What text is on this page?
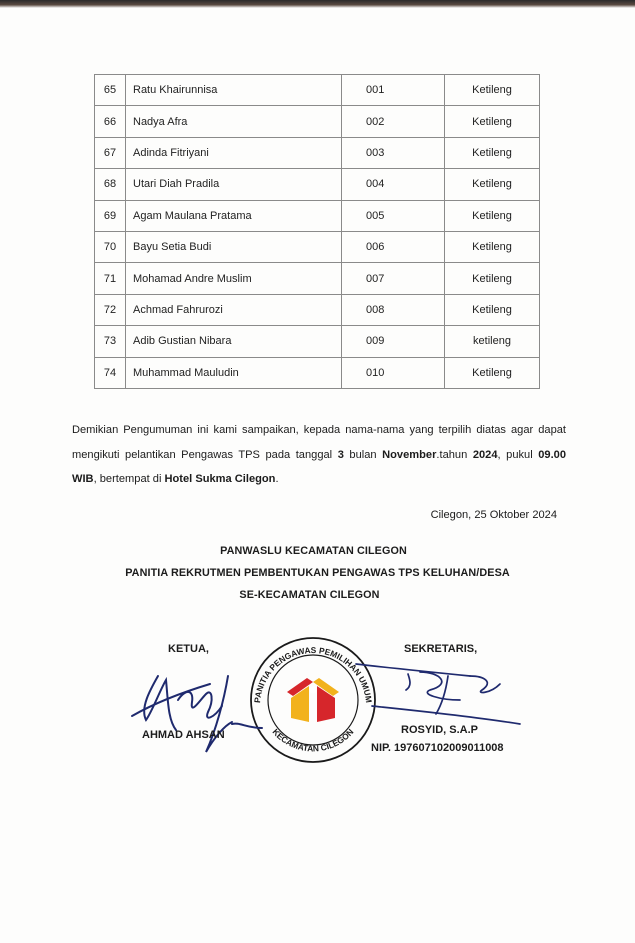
65	Ratu Khairunnisa	001	Ketileng
66	Nadya Afra	002	Ketileng
67	Adinda Fitriyani	003	Ketileng
68	Utari Diah Pradila	004	Ketileng
69	Agam Maulana Pratama	005	Ketileng
70	Bayu Setia Budi	006	Ketileng
71	Mohamad Andre Muslim	007	Ketileng
72	Achmad Fahrurozi	008	Ketileng
73	Adib Gustian Nibara	009	ketileng
74	Muhammad Mauludin	010	Ketileng
Demikian Pengumuman ini kami sampaikan, kepada nama-nama yang terpilih diatas agar dapat mengikuti pelantikan Pengawas TPS pada tanggal 3 bulan November.tahun 2024, pukul 09.00 WIB, bertempat di Hotel Sukma Cilegon.
Cilegon, 25 Oktober 2024
PANWASLU KECAMATAN CILEGON
PANITIA REKRUTMEN PEMBENTUKAN PENGAWAS TPS KELUHAN/DESA
SE-KECAMATAN CILEGON
PANITIA PENGAWAS PEMILIHAN UMUM
KECAMATAN CILEGON
KETUA,	SEKRETARIS,
AHMAD AHSAN	ROSYID, S.A.P
NIP. 197607102009011008
